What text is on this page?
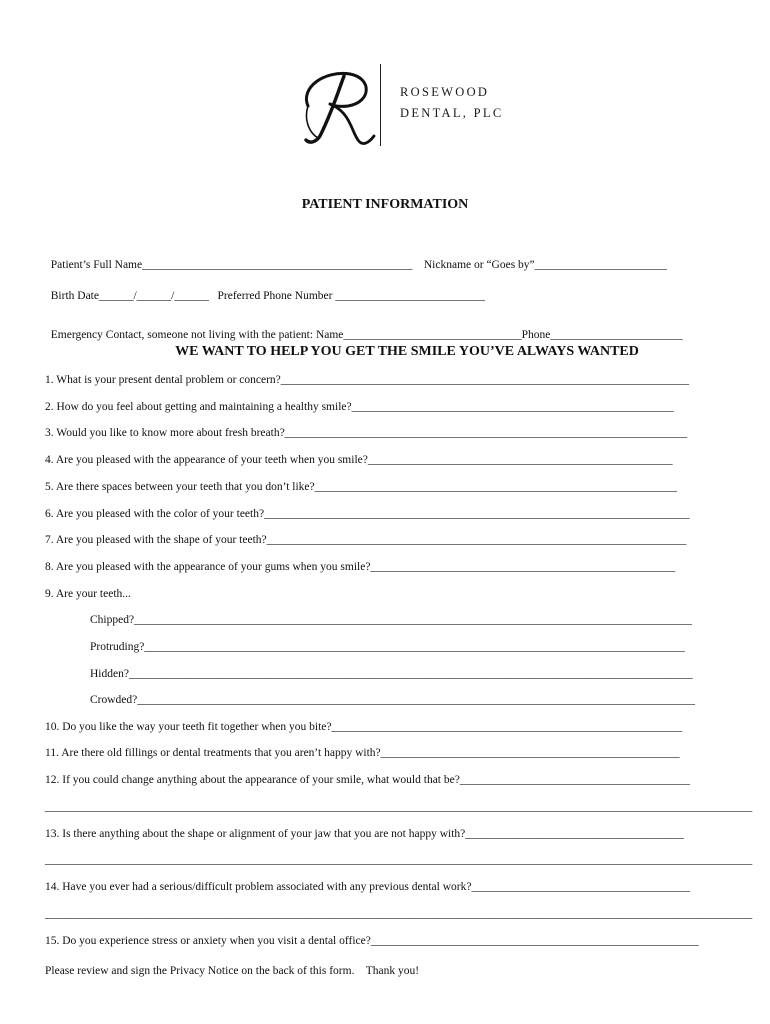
ROSEWOOD
DENTAL, PLC
PATIENT INFORMATION

Patient’s Full Name_______________________________________________ Nickname or “Goes by”_______________________

Birth Date______/______/______ Preferred Phone Number __________________________

Emergency Contact, someone not living with the patient: Name_______________________________Phone_______________________

WE WANT TO HELP YOU GET THE SMILE YOU’VE ALWAYS WANTED
1. What is your present dental problem or concern?_______________________________________________________________________
2. How do you feel about getting and maintaining a healthy smile?________________________________________________________
3. Would you like to know more about fresh breath?______________________________________________________________________
4. Are you pleased with the appearance of your teeth when you smile?_____________________________________________________
5. Are there spaces between your teeth that you don’t like?_______________________________________________________________
6. Are you pleased with the color of your teeth?__________________________________________________________________________
7. Are you pleased with the shape of your teeth?_________________________________________________________________________
8. Are you pleased with the appearance of your gums when you smile?_____________________________________________________
9. Are your teeth...
Chipped?_________________________________________________________________________________________________
Protruding?______________________________________________________________________________________________
Hidden?__________________________________________________________________________________________________
Crowded?_________________________________________________________________________________________________
10. Do you like the way your teeth fit together when you bite?_____________________________________________________________
11. Are there old fillings or dental treatments that you aren’t happy with?____________________________________________________
12. If you could change anything about the appearance of your smile, what would that be?________________________________________
___________________________________________________________________________________________________________________________
13. Is there anything about the shape or alignment of your jaw that you are not happy with?______________________________________
___________________________________________________________________________________________________________________________
14. Have you ever had a serious/difficult problem associated with any previous dental work?______________________________________
___________________________________________________________________________________________________________________________
15. Do you experience stress or anxiety when you visit a dental office?_________________________________________________________
Please review and sign the Privacy Notice on the back of this form.    Thank you!
